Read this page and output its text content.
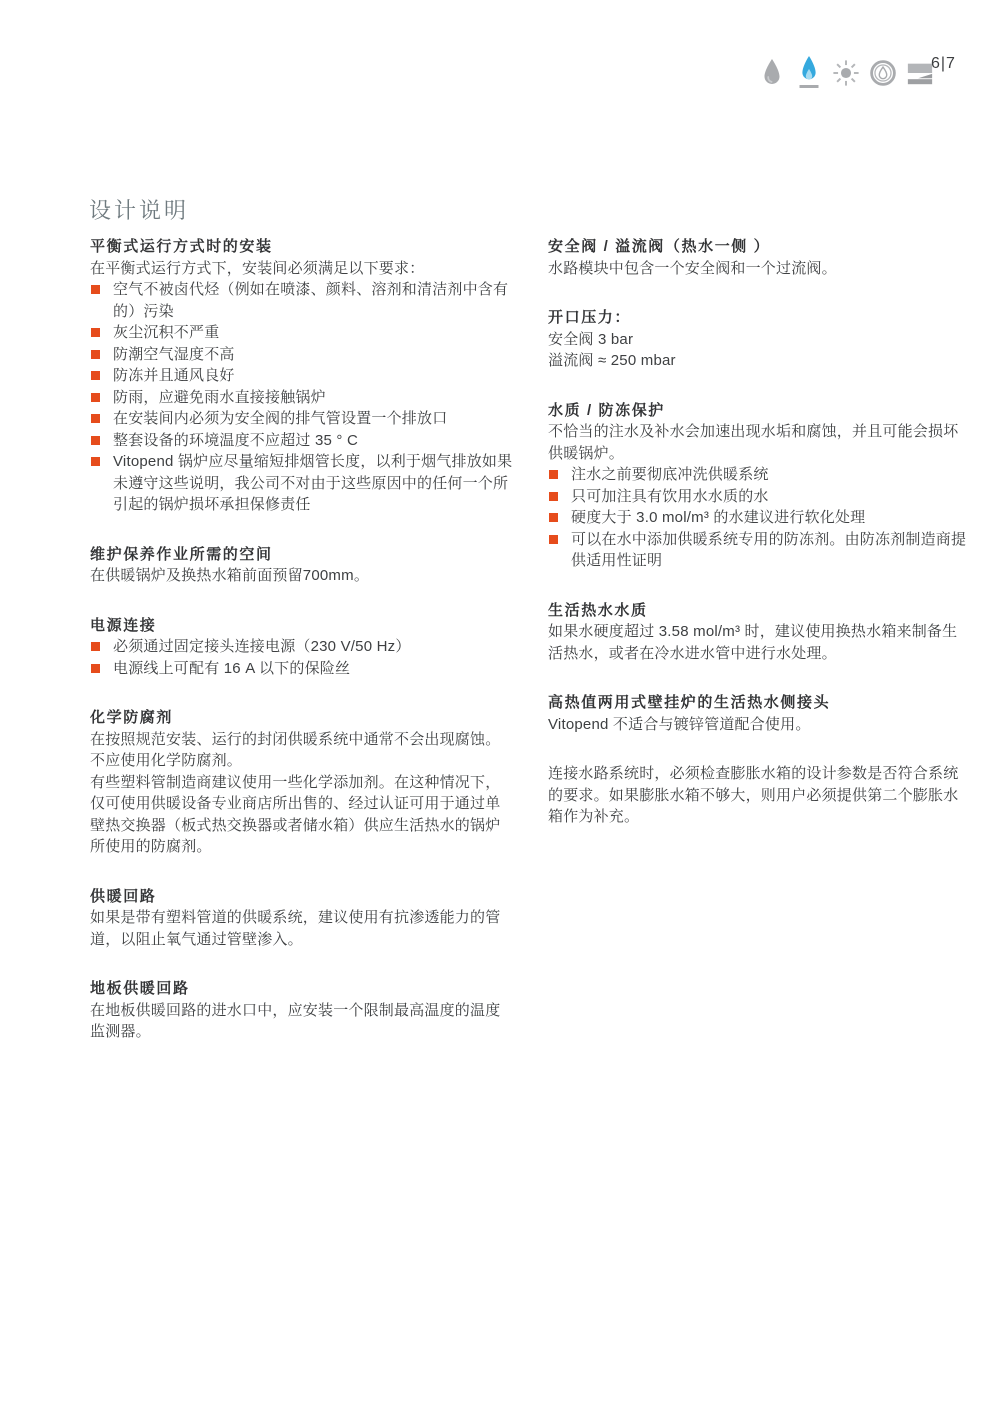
6|7
设计说明
平衡式运行方式时的安装

在平衡式运行方式下，安装间必须满足以下要求：

空气不被卤代烃（例如在喷漆、颜料、溶剂和清洁剂中含有的）污染
灰尘沉积不严重
防潮空气湿度不高
防冻并且通风良好
防雨，应避免雨水直接接触锅炉
在安装间内必须为安全阀的排气管设置一个排放口
整套设备的环境温度不应超过 35 ° C
Vitopend 锅炉应尽量缩短排烟管长度，以利于烟气排放如果未遵守这些说明，我公司不对由于这些原因中的任何一个所引起的锅炉损坏承担保修责任
维护保养作业所需的空间

在供暖锅炉及换热水箱前面预留700mm。

电源连接
必须通过固定接头连接电源（230 V/50 Hz）
电源线上可配有 16 A 以下的保险丝
化学防腐剂

在按照规范安装、运行的封闭供暖系统中通常不会出现腐蚀。不应使用化学防腐剂。

有些塑料管制造商建议使用一些化学添加剂。在这种情况下，仅可使用供暖设备专业商店所出售的、经过认证可用于通过单壁热交换器（板式热交换器或者储水箱）供应生活热水的锅炉所使用的防腐剂。

供暖回路

如果是带有塑料管道的供暖系统，建议使用有抗渗透能力的管道，以阻止氧气通过管壁渗入。

地板供暖回路

在地板供暖回路的进水口中，应安装一个限制最高温度的温度监测器。

安全阀 / 溢流阀（热水一侧 ）

水路模块中包含一个安全阀和一个过流阀。

开口压力：

安全阀 3 bar

溢流阀 ≈ 250 mbar

水质 / 防冻保护

不恰当的注水及补水会加速出现水垢和腐蚀，并且可能会损坏供暖锅炉。

注水之前要彻底冲洗供暖系统
只可加注具有饮用水水质的水
硬度大于 3.0 mol/m³ 的水建议进行软化处理
可以在水中添加供暖系统专用的防冻剂。由防冻剂制造商提供适用性证明
生活热水水质

如果水硬度超过 3.58 mol/m³ 时，建议使用换热水箱来制备生活热水，或者在冷水进水管中进行水处理。

高热值两用式壁挂炉的生活热水侧接头

Vitopend 不适合与镀锌管道配合使用。

连接水路系统时，必须检查膨胀水箱的设计参数是否符合系统的要求。如果膨胀水箱不够大，则用户必须提供第二个膨胀水箱作为补充。
